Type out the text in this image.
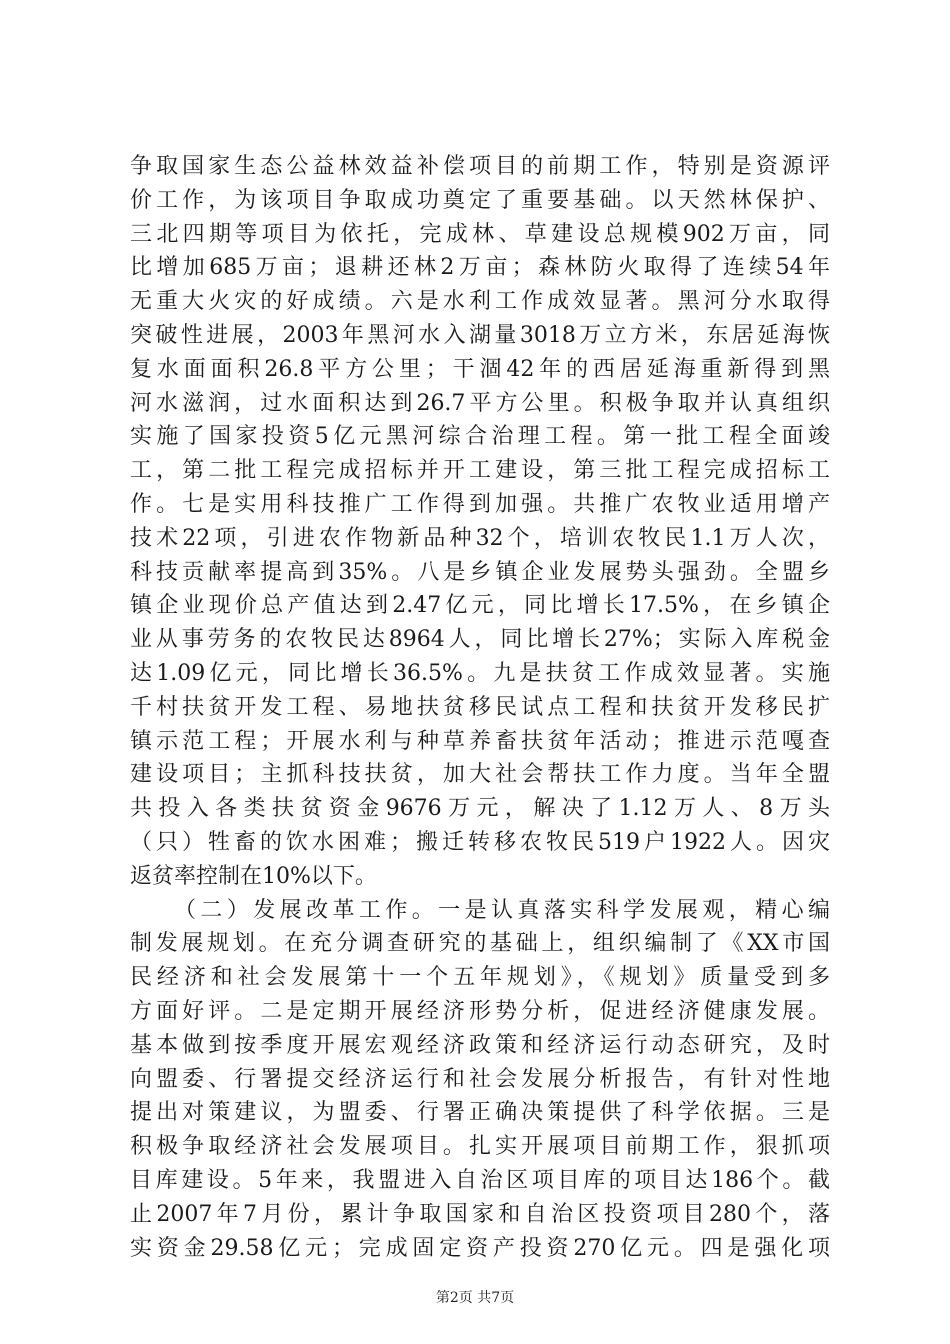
争取国家生态公益林效益补偿项目的前期工作，特别是资源评
价工作，为该项目争取成功奠定了重要基础。以天然林保护、
三北四期等项目为依托，完成林、草建设总规模902万亩，同
比增加685万亩；退耕还林2万亩；森林防火取得了连续54年
无重大火灾的好成绩。六是水利工作成效显著。黑河分水取得
突破性进展，2003年黑河水入湖量3018万立方米，东居延海恢
复水面面积26.8平方公里；干涸42年的西居延海重新得到黑
河水滋润，过水面积达到26.7平方公里。积极争取并认真组织
实施了国家投资5亿元黑河综合治理工程。第一批工程全面竣
工，第二批工程完成招标并开工建设，第三批工程完成招标工
作。七是实用科技推广工作得到加强。共推广农牧业适用增产
技术22项，引进农作物新品种32个，培训农牧民1.1万人次，
科技贡献率提高到35%。八是乡镇企业发展势头强劲。全盟乡
镇企业现价总产值达到2.47亿元，同比增长17.5%，在乡镇企
业从事劳务的农牧民达8964人，同比增长27%；实际入库税金
达1.09亿元，同比增长36.5%。九是扶贫工作成效显著。实施
千村扶贫开发工程、易地扶贫移民试点工程和扶贫开发移民扩
镇示范工程；开展水利与种草养畜扶贫年活动；推进示范嘎查
建设项目；主抓科技扶贫，加大社会帮扶工作力度。当年全盟
共投入各类扶贫资金9676万元，解决了1.12万人、8万头
（只）牲畜的饮水困难；搬迁转移农牧民519户1922人。因灾
返贫率控制在10%以下。
（二）发展改革工作。一是认真落实科学发展观，精心编
制发展规划。在充分调查研究的基础上，组织编制了《XX市国
民经济和社会发展第十一个五年规划》，《规划》质量受到多
方面好评。二是定期开展经济形势分析，促进经济健康发展。
基本做到按季度开展宏观经济政策和经济运行动态研究，及时
向盟委、行署提交经济运行和社会发展分析报告，有针对性地
提出对策建议，为盟委、行署正确决策提供了科学依据。三是
积极争取经济社会发展项目。扎实开展项目前期工作，狠抓项
目库建设。5年来，我盟进入自治区项目库的项目达186个。截
止2007年7月份，累计争取国家和自治区投资项目280个，落
实资金29.58亿元；完成固定资产投资270亿元。四是强化项
第2页 共7页
